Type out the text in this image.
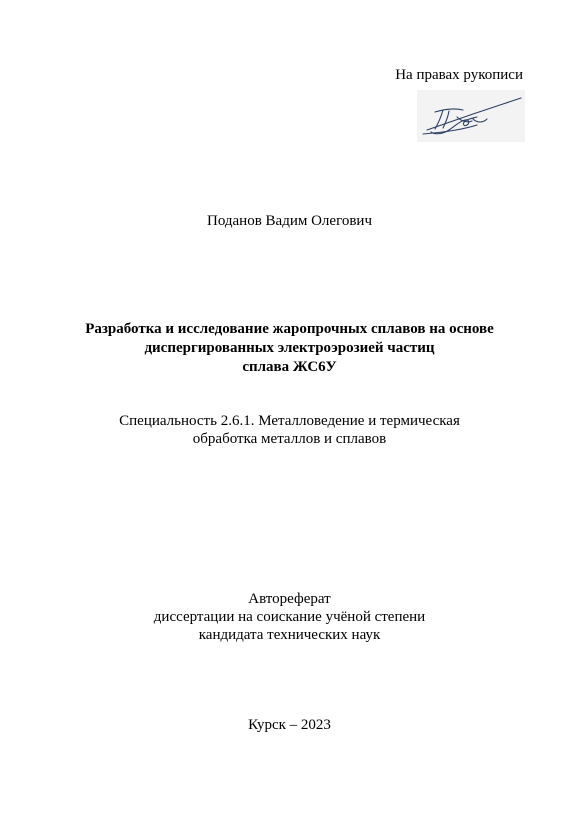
На правах рукописи
Поданов Вадим Олегович
Разработка и исследование жаропрочных сплавов на основе
диспергированных электроэрозией частиц
сплава ЖС6У
Специальность 2.6.1. Металловедение и термическая
обработка металлов и сплавов
Автореферат
диссертации на соискание учёной степени
кандидата технических наук
Курск – 2023
